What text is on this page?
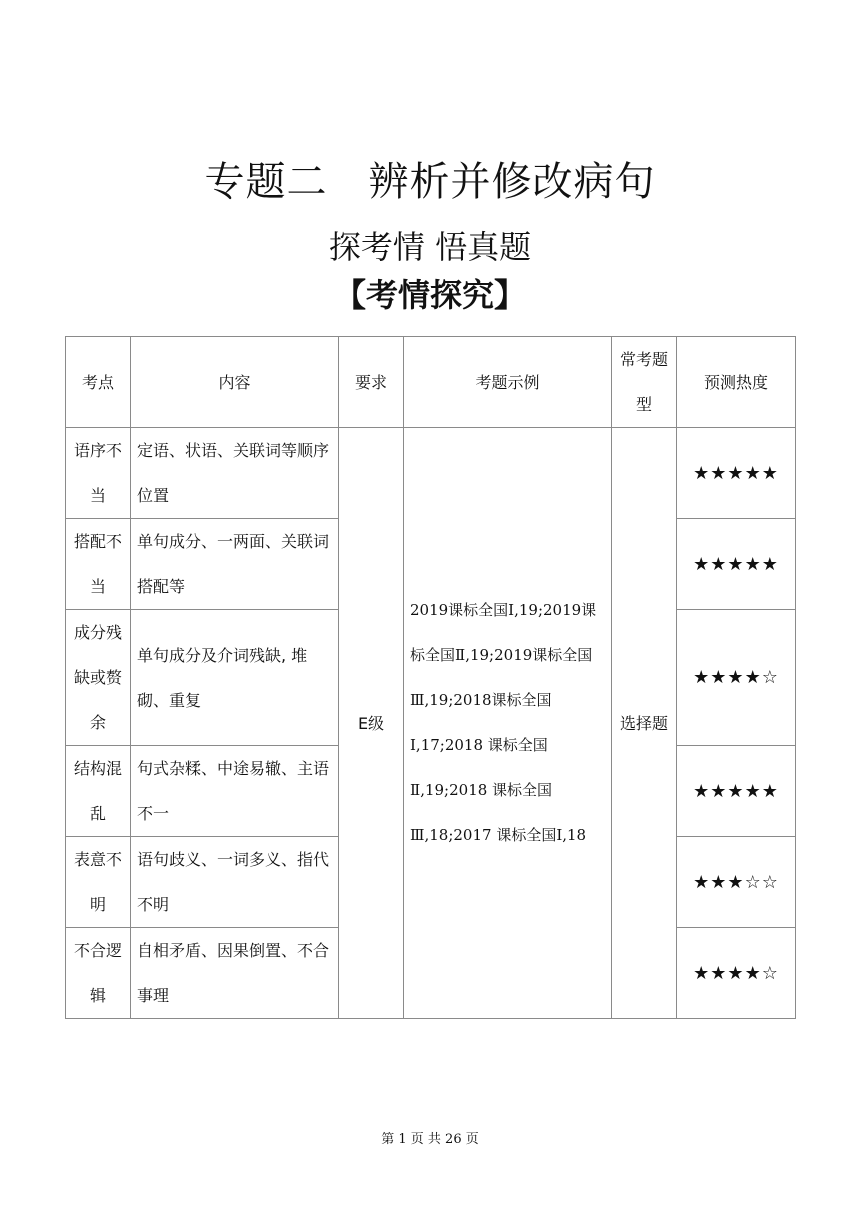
专题二　辨析并修改病句
探考情 悟真题
【考情探究】
考点	内容	要求	考题示例	常考题型	预测热度
语序不当	定语、状语、关联词等顺序位置	E级	2019课标全国Ⅰ,19;2019课标全国Ⅱ,19;2019课标全国Ⅲ,19;2018课标全国Ⅰ,17;2018 课标全国Ⅱ,19;2018 课标全国Ⅲ,18;2017 课标全国Ⅰ,18	选择题	★★★★★
搭配不当	单句成分、一两面、关联词搭配等				★★★★★
成分残缺或赘余	单句成分及介词残缺, 堆砌、重复				★★★★☆
结构混乱	句式杂糅、中途易辙、主语不一				★★★★★
表意不明	语句歧义、一词多义、指代不明				★★★☆☆
不合逻辑	自相矛盾、因果倒置、不合事理				★★★★☆
第 1 页 共 26 页
